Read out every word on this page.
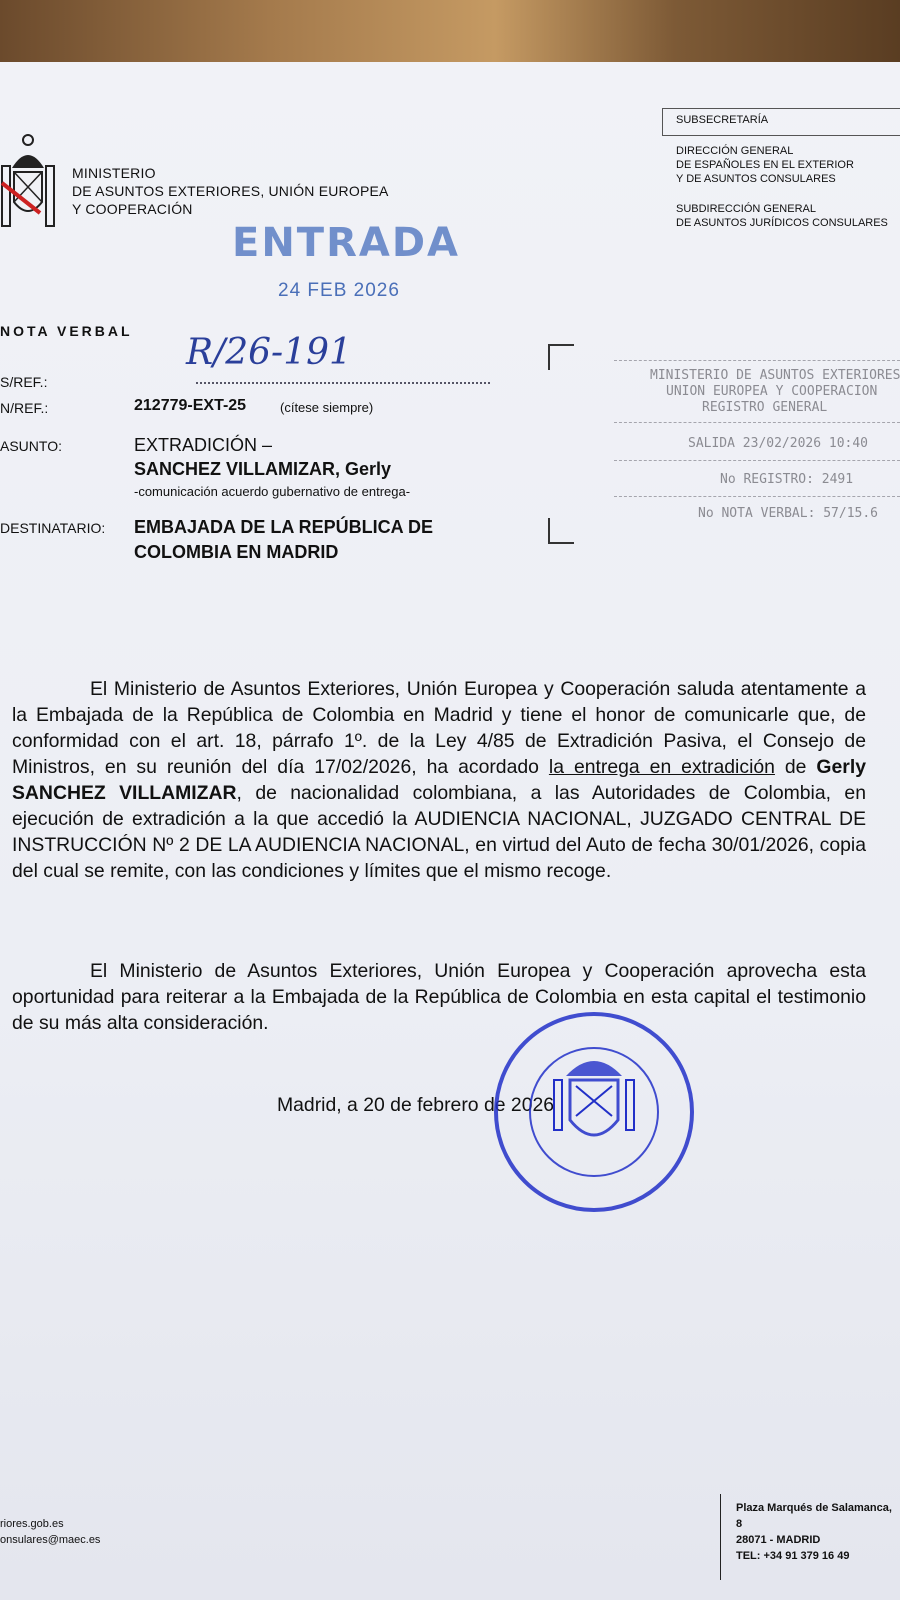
MINISTERIO
DE ASUNTOS EXTERIORES, UNIÓN EUROPEA
Y COOPERACIÓN
SUBSECRETARÍA
DIRECCIÓN GENERAL
DE ESPAÑOLES EN EL EXTERIOR
Y DE ASUNTOS CONSULARES
SUBDIRECCIÓN GENERAL
DE ASUNTOS JURÍDICOS CONSULARES
ENTRADA
24 FEB 2026
NOTA VERBAL
R/26-191
S/REF.:
N/REF.:	212779-EXT-25	(cítese siempre)
ASUNTO:	EXTRADICIÓN –
SANCHEZ VILLAMIZAR, Gerly
-comunicación acuerdo gubernativo de entrega-
DESTINATARIO: EMBAJADA DE LA REPÚBLICA DE
COLOMBIA EN MADRID
MINISTERIO DE ASUNTOS EXTERIORES
UNION EUROPEA Y COOPERACION
REGISTRO GENERAL
SALIDA 23/02/2026 10:40
No REGISTRO: 2491
No NOTA VERBAL: 57/15.6

El Ministerio de Asuntos Exteriores, Unión Europea y Cooperación saluda atentamente a la Embajada de la República de Colombia en Madrid y tiene el honor de comunicarle que, de conformidad con el art. 18, párrafo 1º. de la Ley 4/85 de Extradición Pasiva, el Consejo de Ministros, en su reunión del día 17/02/2026, ha acordado la entrega en extradición de Gerly SANCHEZ VILLAMIZAR, de nacionalidad colombiana, a las Autoridades de Colombia, en ejecución de extradición a la que accedió la AUDIENCIA NACIONAL, JUZGADO CENTRAL DE INSTRUCCIÓN Nº 2 DE LA AUDIENCIA NACIONAL, en virtud del Auto de fecha 30/01/2026, copia del cual se remite, con las condiciones y límites que el mismo recoge.

El Ministerio de Asuntos Exteriores, Unión Europea y Cooperación aprovecha esta oportunidad para reiterar a la Embajada de la República de Colombia en esta capital el testimonio de su más alta consideración.

Madrid, a 20 de febrero de 2026
riores.gob.es
onsulares@maec.es
Plaza Marqués de Salamanca, 8
28071 - MADRID
TEL: +34 91 379 16 49
